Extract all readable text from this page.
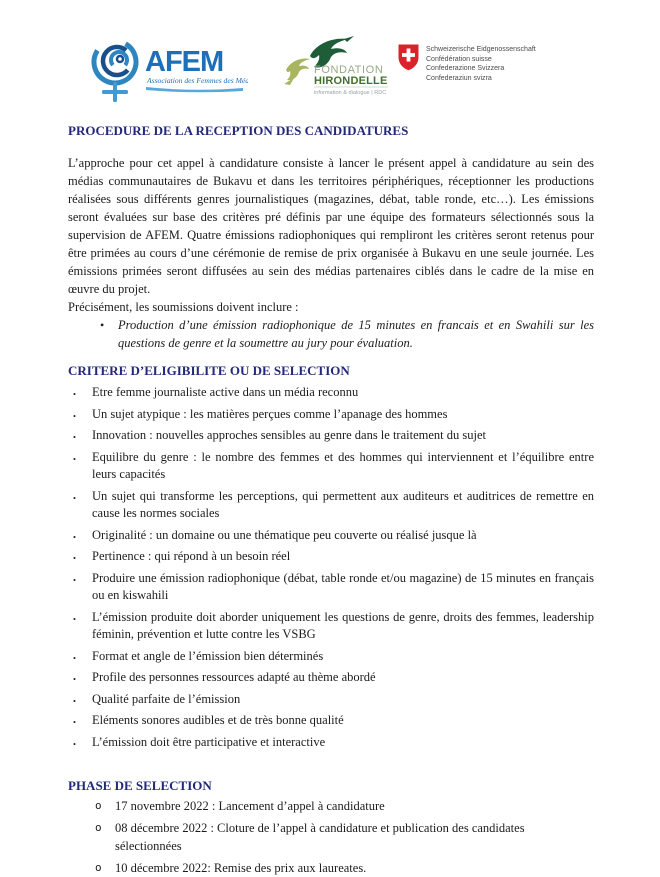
AFEM
Association des Femmes des Médias
FONDATION
HIRONDELLE
information & dialogue | RDC
Schweizerische Eidgenossenschaft
Confédération suisse
Confederazione Svizzera
Confederaziun svizra
PROCEDURE DE LA RECEPTION DES CANDIDATURES

L’approche pour cet appel à candidature consiste à lancer le présent appel à candidature au sein des médias communautaires de Bukavu et dans les territoires périphériques, réceptionner les productions réalisées sous différents genres journalistiques (magazines, débat, table ronde, etc…). Les émissions seront évaluées sur base des critères pré définis par une équipe des formateurs sélectionnés sous la supervision de AFEM. Quatre émissions radiophoniques qui rempliront les critères seront retenus pour être primées au cours d’une cérémonie de remise de prix organisée à Bukavu en une seule journée. Les émissions primées seront diffusées au sein des médias partenaires ciblés dans le cadre de la mise en œuvre du projet.

Précisément, les soumissions doivent inclure :

• Production d’une émission radiophonique de 15 minutes en francais et en Swahili sur les questions de genre et la soumettre au jury pour évaluation.
CRITERE D’ELIGIBILITE OU DE SELECTION
• Etre femme journaliste active dans un média reconnu
• Un sujet atypique : les matières perçues comme l’apanage des hommes
• Innovation : nouvelles approches sensibles au genre dans le traitement du sujet
• Equilibre du genre : le nombre des femmes et des hommes qui interviennent et l’équilibre entre leurs capacités
• Un sujet qui transforme les perceptions, qui permettent aux auditeurs et auditrices de remettre en cause les normes sociales
• Originalité : un domaine ou une thématique peu couverte ou réalisé jusque là
• Pertinence : qui répond à un besoin réel
• Produire une émission radiophonique (débat, table ronde et/ou magazine) de 15 minutes en français ou en kiswahili
• L’émission produite doit aborder uniquement les questions de genre, droits des femmes, leadership féminin, prévention et lutte contre les VSBG
• Format et angle de l’émission bien déterminés
• Profile des personnes ressources adapté au thème abordé
• Qualité parfaite de l’émission
• Eléments sonores audibles et de très bonne qualité
• L’émission doit être participative et interactive
PHASE DE SELECTION
o 17 novembre 2022 : Lancement d’appel à candidature
o 08 décembre 2022 : Cloture de l’appel à candidature et publication des candidates sélectionnées
o 10 décembre 2022: Remise des prix aux laureates.
